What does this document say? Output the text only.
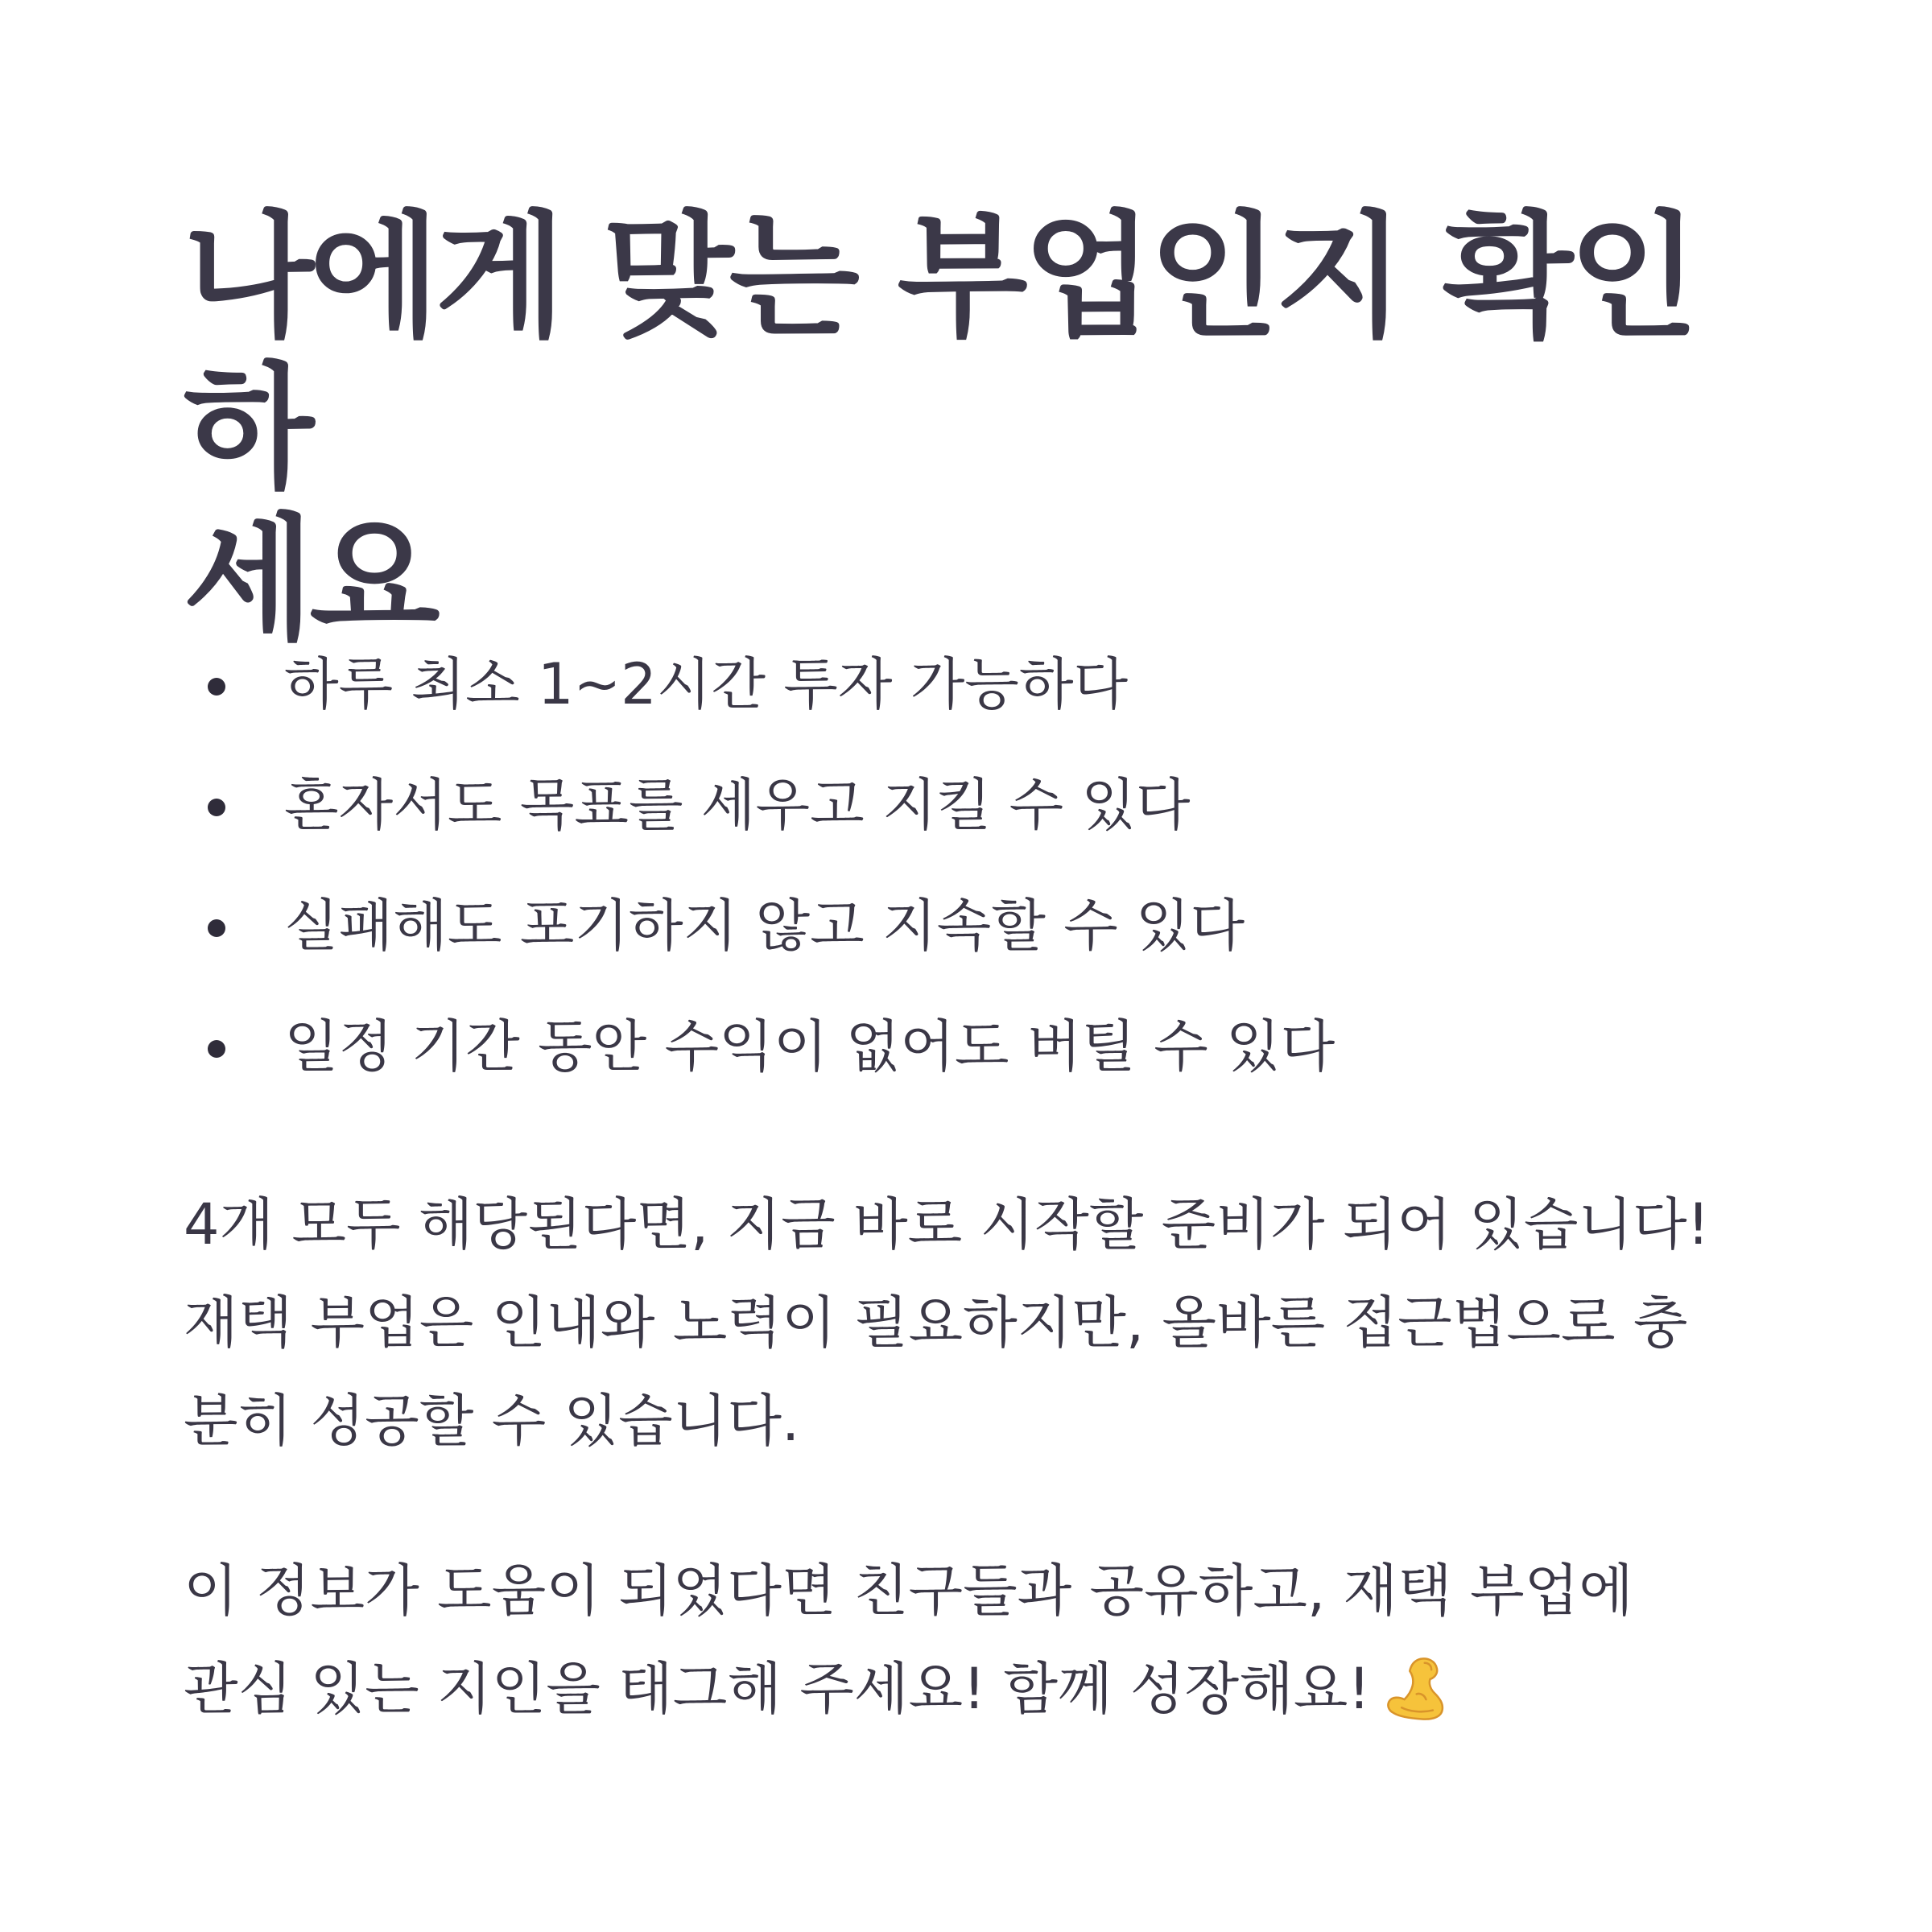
나에게 맞는 부업인지 확인하
세요
하루 최소 1~2시간 투자 가능하다
혼자서도 목표를 세우고 지킬 수 있다
실패해도 포기하지 않고 지속할 수 있다
일정 기간 동안 수익이 없어도 버틸 수 있다

4개 모두 해당된다면, 지금 바로 시작할 준비가 되어 있습니다!
재택 부업은 인내와 노력이 필요하지만, 올바른 접근법으로 충
분히 성공할 수 있습니다.

이 정보가 도움이 되었다면 친구들과 공유하고, 재택 부업에
관심 있는 지인을 태그해 주세요! 함께 성장해요!
